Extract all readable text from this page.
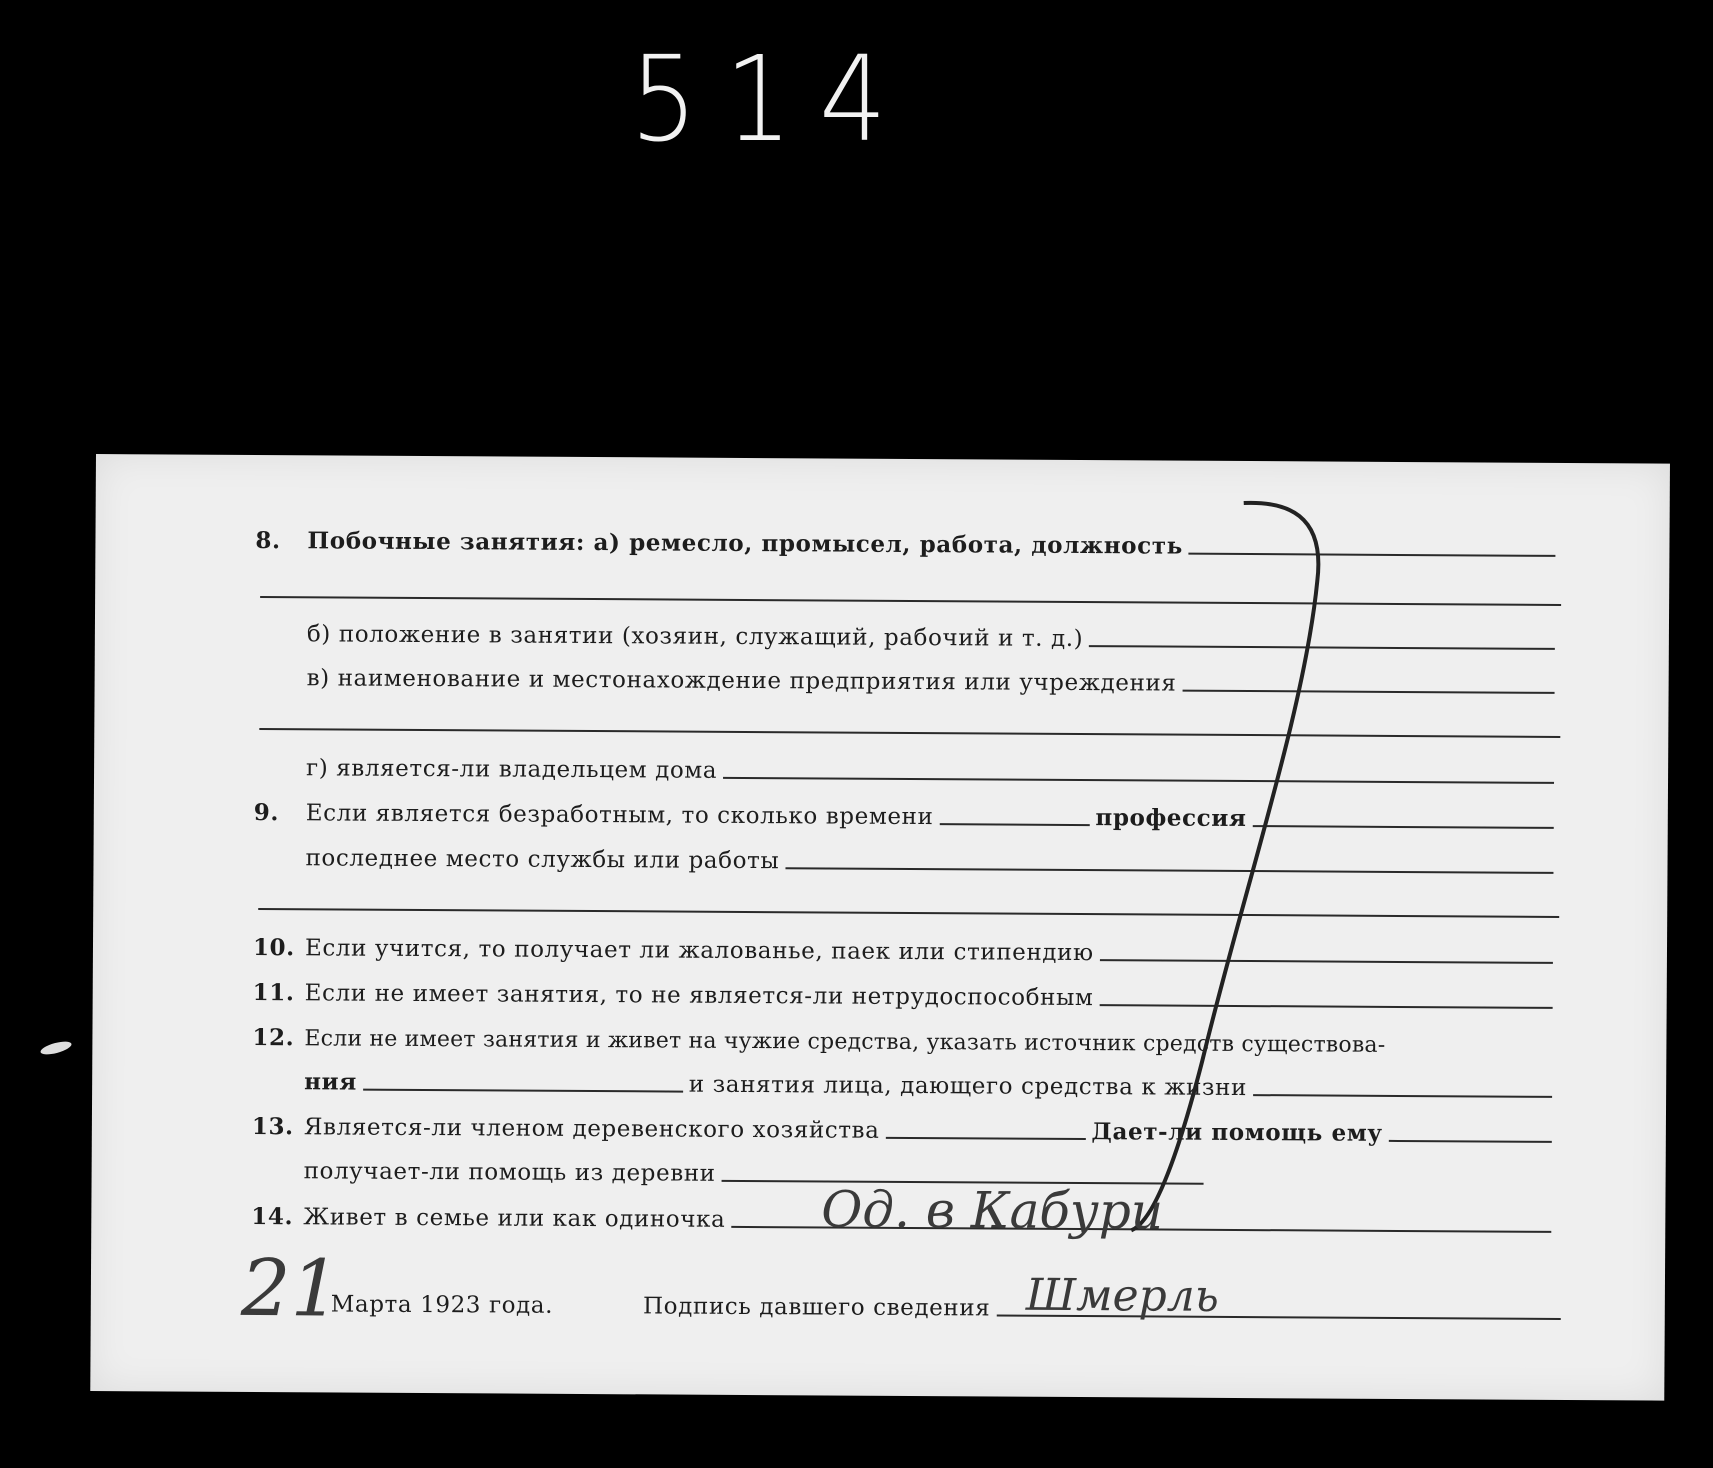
514
8.	Побочные занятия: а) ремесло, промысел, работа, должность
б) положение в занятии (хозяин, служащий, рабочий и т. д.)
в) наименование и местонахождение предприятия или учреждения
г) является-ли владельцем дома
9.	Если является безработным, то сколько времени	профессия
последнее место службы или работы
10. Если учится, то получает ли жалованье, паек или стипендию
11. Если не имеет занятия, то не является-ли нетрудоспособным
12. Если не имеет занятия и живет на чужие средства, указать источник средств существова-
ния	и занятия лица, дающего средства к жизни
13. Является-ли членом деревенского хозяйства	Дает-ли помощь ему
получает-ли помощь из деревни
14. Живет в семье или как одиночка
Марта 1923 года.	Подпись давшего сведения
Од. в Кабури
Шмерль
21
